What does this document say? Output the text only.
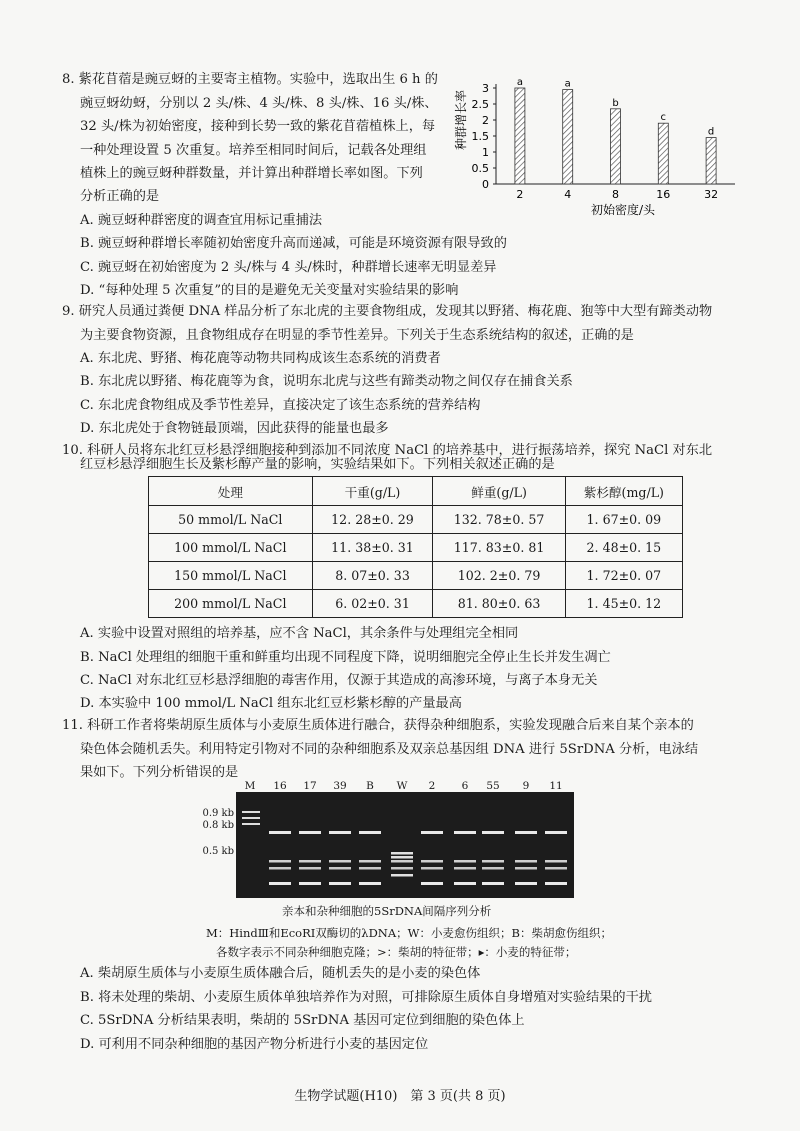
8. 紫花苜蓿是豌豆蚜的主要寄主植物。实验中，选取出生 6 h 的
豌豆蚜幼蚜，分别以 2 头/株、4 头/株、8 头/株、16 头/株、
32 头/株为初始密度，接种到长势一致的紫花苜蓿植株上，每
一种处理设置 5 次重复。培养至相同时间后，记载各处理组
植株上的豌豆蚜种群数量，并计算出种群增长率如图。下列
分析正确的是
A. 豌豆蚜种群密度的调查宜用标记重捕法
B. 豌豆蚜种群增长率随初始密度升高而递减，可能是环境资源有限导致的
C. 豌豆蚜在初始密度为 2 头/株与 4 头/株时，种群增长速率无明显差异
D. “每种处理 5 次重复”的目的是避免无关变量对实验结果的影响
0
0.5
1
1.5
2
2.5
3	a
2
a
4
b
8
c
16
d
32
种群增长率
初始密度/头
9. 研究人员通过粪便 DNA 样品分析了东北虎的主要食物组成，发现其以野猪、梅花鹿、狍等中大型有蹄类动物
为主要食物资源，且食物组成存在明显的季节性差异。下列关于生态系统结构的叙述，正确的是
A. 东北虎、野猪、梅花鹿等动物共同构成该生态系统的消费者
B. 东北虎以野猪、梅花鹿等为食，说明东北虎与这些有蹄类动物之间仅存在捕食关系
C. 东北虎食物组成及季节性差异，直接决定了该生态系统的营养结构
D. 东北虎处于食物链最顶端，因此获得的能量也最多
10. 科研人员将东北红豆杉悬浮细胞接种到添加不同浓度 NaCl 的培养基中，进行振荡培养，探究 NaCl 对东北
红豆杉悬浮细胞生长及紫杉醇产量的影响，实验结果如下。下列相关叙述正确的是
处理	干重(g/L)	鲜重(g/L)	紫杉醇(mg/L)
50 mmol/L NaCl	12. 28±0. 29	132. 78±0. 57	1. 67±0. 09
100 mmol/L NaCl	11. 38±0. 31	117. 83±0. 81	2. 48±0. 15
150 mmol/L NaCl	8. 07±0. 33	102. 2±0. 79	1. 72±0. 07
200 mmol/L NaCl	6. 02±0. 31	81. 80±0. 63	1. 45±0. 12
A. 实验中设置对照组的培养基，应不含 NaCl，其余条件与处理组完全相同
B. NaCl 处理组的细胞干重和鲜重均出现不同程度下降，说明细胞完全停止生长并发生凋亡
C. NaCl 对东北红豆杉悬浮细胞的毒害作用，仅源于其造成的高渗环境，与离子本身无关
D. 本实验中 100 mmol/L NaCl 组东北红豆杉紫杉醇的产量最高
11. 科研工作者将柴胡原生质体与小麦原生质体进行融合，获得杂种细胞系，实验发现融合后来自某个亲本的
染色体会随机丢失。利用特定引物对不同的杂种细胞系及双亲总基因组 DNA 进行 5SrDNA 分析，电泳结
果如下。下列分析错误的是
M 16 17 39 B W 2	6 55 9 11
0.9 kb
0.8 kb
0.5 kb
亲本和杂种细胞的5SrDNA间隔序列分析
M：HindⅢ和EcoRⅠ双酶切的λDNA；W：小麦愈伤组织；B：柴胡愈伤组织；
各数字表示不同杂种细胞克隆；>：柴胡的特征带；▸：小麦的特征带；
A. 柴胡原生质体与小麦原生质体融合后，随机丢失的是小麦的染色体
B. 将未处理的柴胡、小麦原生质体单独培养作为对照，可排除原生质体自身增殖对实验结果的干扰
C. 5SrDNA 分析结果表明，柴胡的 5SrDNA 基因可定位到细胞的染色体上
D. 可利用不同杂种细胞的基因产物分析进行小麦的基因定位
生物学试题(H10)　第 3 页(共 8 页)
